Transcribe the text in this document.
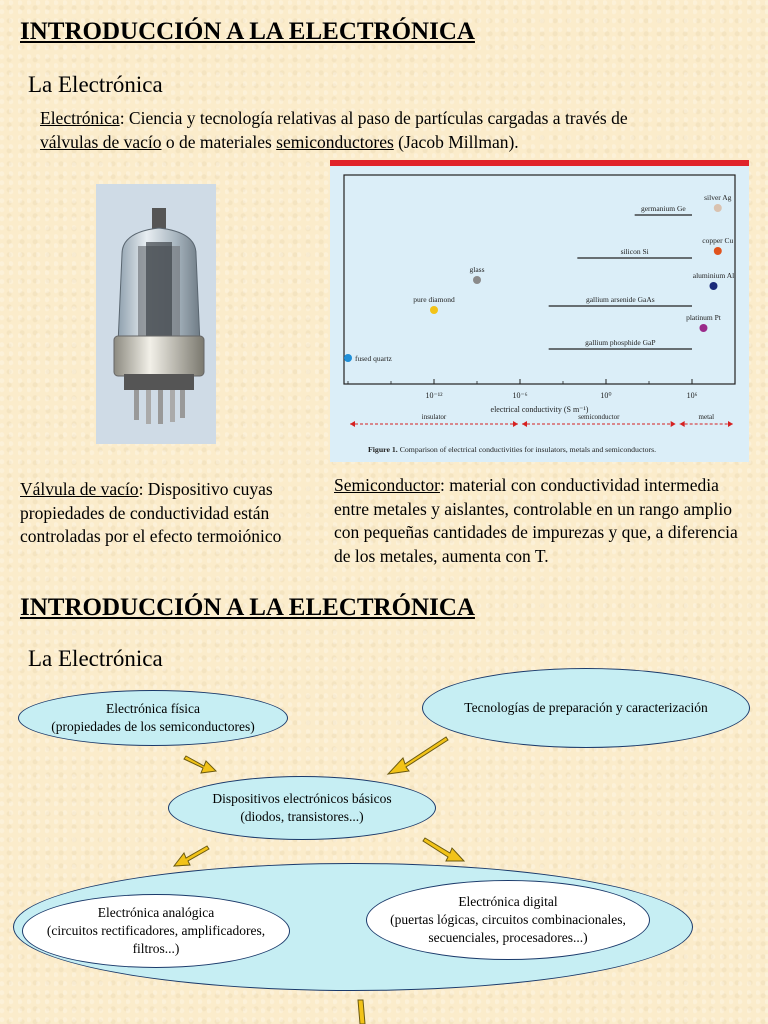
INTRODUCCIÓN A LA ELECTRÓNICA
La Electrónica
Electrónica: Ciencia y tecnología relativas al paso de partículas cargadas a través de
válvulas de vacío o de materiales semiconductores (Jacob Millman).
10⁻¹²	10⁻⁶	10⁰	10⁶
electrical conductivity (S m⁻¹)
germanium Ge
silicon Si
gallium arsenide GaAs
gallium phosphide GaP
fused quartz
pure diamond
glass
silver Ag
copper Cu
aluminium Al
platinum Pt
insulator	semiconductor	metal
Figure 1. Comparison of electrical conductivities for insulators, metals and semiconductors.
Válvula de vacío: Dispositivo cuyas propiedades de conductividad están controladas por el efecto termoiónico
Semiconductor: material con conductividad intermedia entre metales y aislantes, controlable en un rango amplio con pequeñas cantidades de impurezas y que, a diferencia de los metales, aumenta con T.
INTRODUCCIÓN A LA ELECTRÓNICA
La Electrónica
Electrónica física
(propiedades de los semiconductores)
Tecnologías de preparación y caracterización
Dispositivos electrónicos básicos
(diodos, transistores...)
Electrónica analógica
(circuitos rectificadores, amplificadores,
filtros...)
Electrónica digital
(puertas lógicas, circuitos combinacionales,
secuenciales, procesadores...)
